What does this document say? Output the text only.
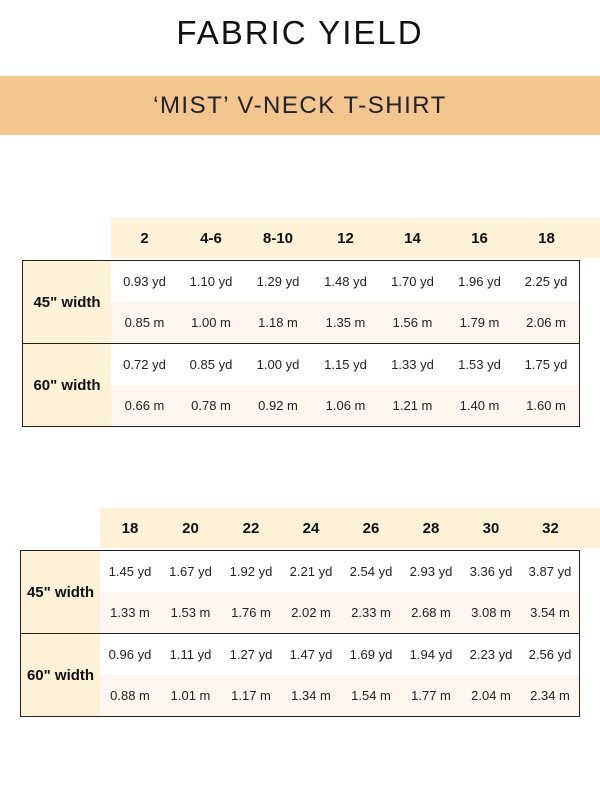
FABRIC YIELD
‘MIST’ V-NECK T-SHIRT
2	4-6	8-10	12	14	16	18
45" width
0.93 yd	1.10 yd	1.29 yd	1.48 yd	1.70 yd	1.96 yd	2.25 yd
0.85 m	1.00 m	1.18 m	1.35 m	1.56 m	1.79 m	2.06 m
60" width
0.72 yd	0.85 yd	1.00 yd	1.15 yd	1.33 yd	1.53 yd	1.75 yd
0.66 m	0.78 m	0.92 m	1.06 m	1.21 m	1.40 m	1.60 m
18	20	22	24	26	28	30	32
45" width
1.45 yd	1.67 yd	1.92 yd	2.21 yd	2.54 yd	2.93 yd	3.36 yd	3.87 yd
1.33 m	1.53 m	1.76 m	2.02 m	2.33 m	2.68 m	3.08 m	3.54 m
60" width
0.96 yd	1.11 yd	1.27 yd	1.47 yd	1.69 yd	1.94 yd	2.23 yd	2.56 yd
0.88 m	1.01 m	1.17 m	1.34 m	1.54 m	1.77 m	2.04 m	2.34 m
